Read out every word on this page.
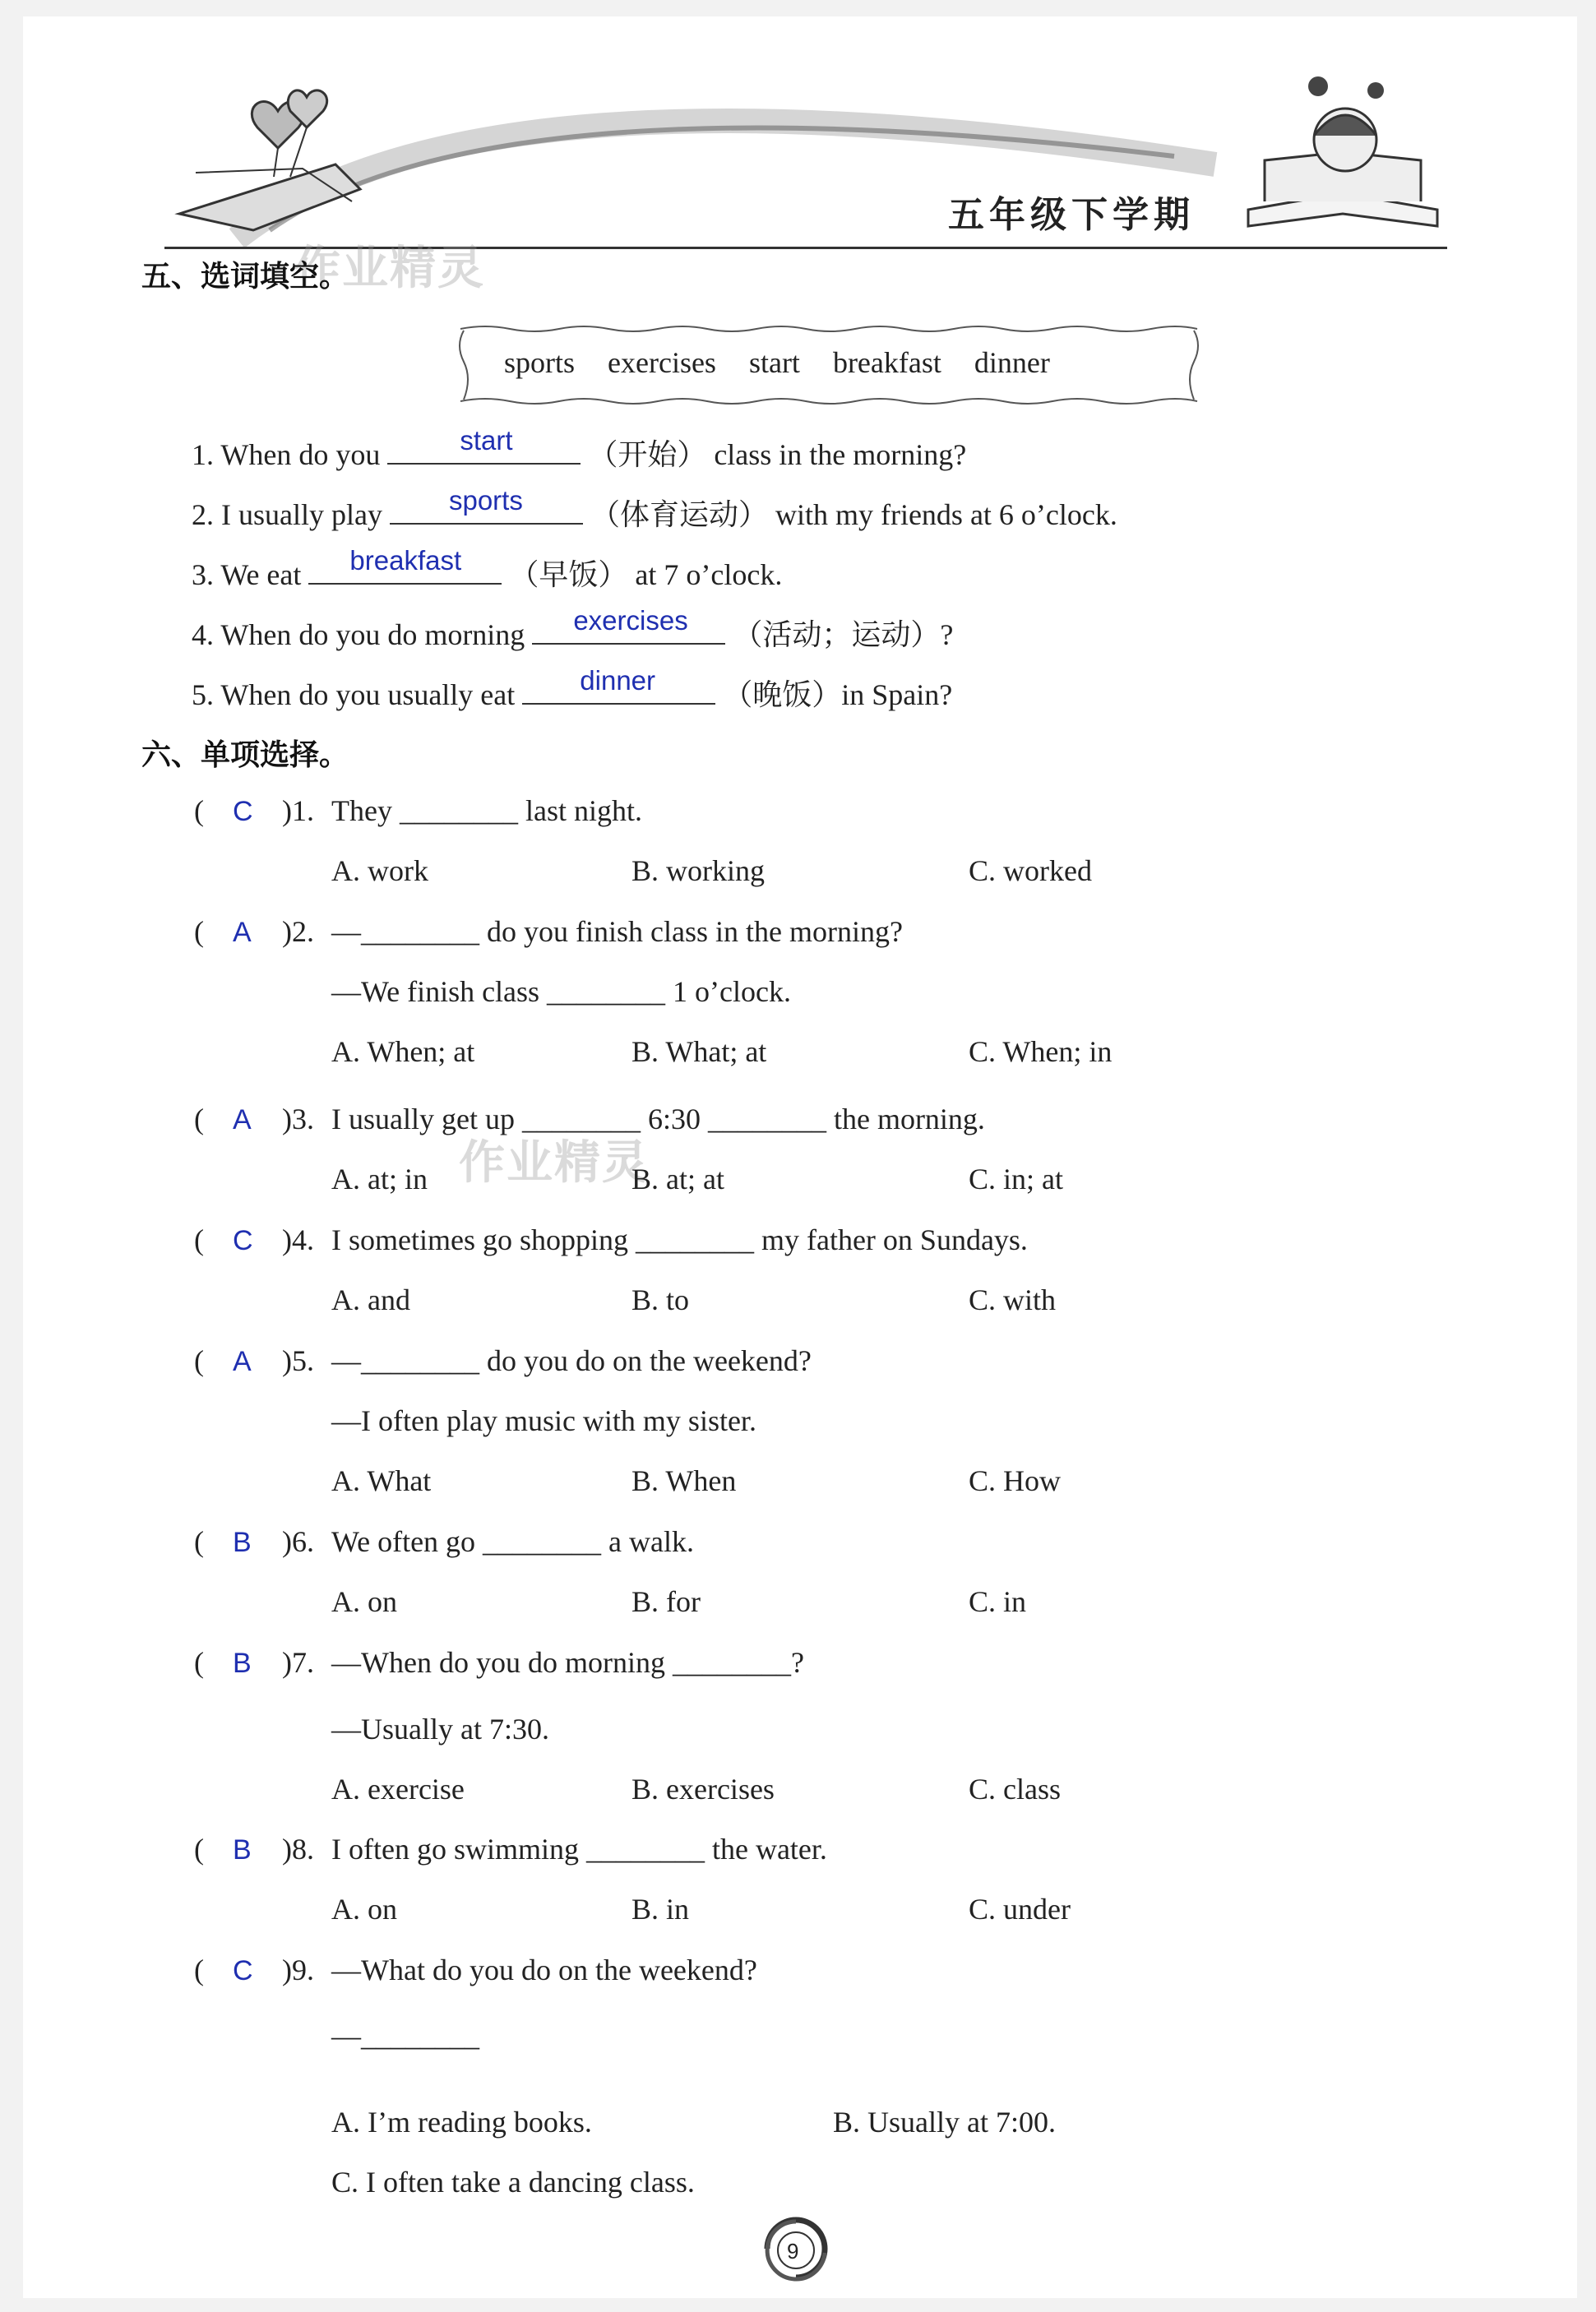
五年级下学期
作业精灵
作业精灵
五、选词填空。
sports exercises start breakfast dinner
1. When do you	start	（开始） class in the morning?
2. I usually play sports （体育运动） with my friends at 6 o’clock.
3. We eat breakfast （早饭） at 7 o’clock.
4. When do you do morning exercises （活动；运动）?
5. When do you usually eat dinner （晚饭）in Spain?
六、单项选择。
( C )1. They ________ last night.
A. work	B. working	C. worked
( A )2. —________ do you finish class in the morning?
—We finish class ________ 1 o’clock.
A. When; at	B. What; at	C. When; in
( A )3. I usually get up ________ 6:30 ________ the morning.
A. at; in	B. at; at	C. in; at
( C )4. I sometimes go shopping ________ my father on Sundays.
A. and	B. to	C. with
( A )5. —________ do you do on the weekend?
—I often play music with my sister.
A. What	B. When	C. How
( B )6. We often go ________ a walk.
A. on	B. for	C. in
( B )7. —When do you do morning ________?
—Usually at 7:30.
A. exercise	B. exercises	C. class
( B )8. I often go swimming ________ the water.
A. on	B. in	C. under
( C )9. —What do you do on the weekend?
—________
A. I’m reading books.	B. Usually at 7:00.
C. I often take a dancing class.
9
